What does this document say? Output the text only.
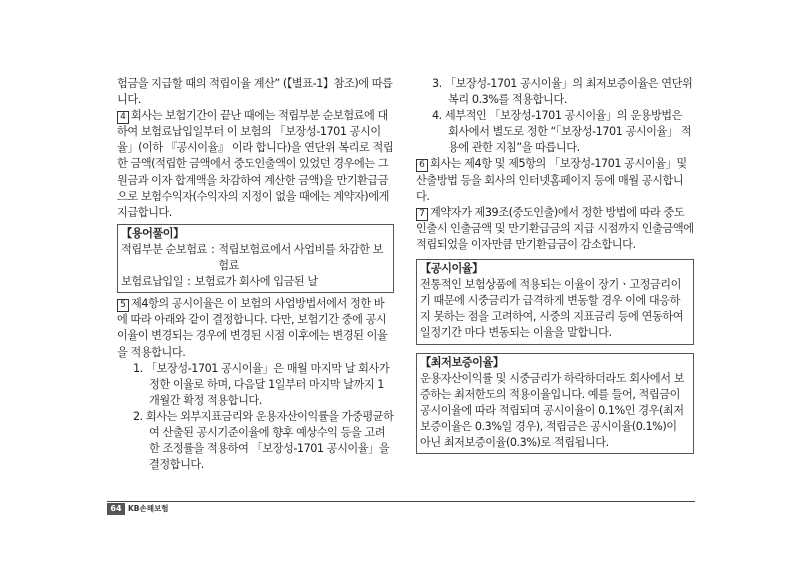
험금을 지급할 때의 적립이율 계산” (【별표-1】참조)에 따릅니다.

4 회사는 보험기간이 끝난 때에는 적립부분 순보험료에 대하여 보험료납입일부터 이 보험의 「보장성-1701 공시이율」(이하 『공시이율』 이라 합니다)을 연단위 복리로 적립한 금액(적립한 금액에서 중도인출액이 있었던 경우에는 그 원금과 이자 합계액을 차감하여 계산한 금액)을 만기환급금으로 보험수익자(수익자의 지정이 없을 때에는 계약자)에게 지급합니다.

【용어풀이】
적립부분 순보험료 : 적립보험료에서 사업비를 차감한 보험료
보험료납입일 : 보험료가 회사에 입금된 날

5 제4항의 공시이율은 이 보험의 사업방법서에서 정한 바에 따라 아래와 같이 결정합니다. 다만, 보험기간 중에 공시이율이 변경되는 경우에 변경된 시점 이후에는 변경된 이율을 적용합니다.

1. 「보장성-1701 공시이율」은 매월 마지막 날 회사가 정한 이율로 하며, 다음달 1일부터 마지막 날까지 1개월간 확정 적용합니다.

2. 회사는 외부지표금리와 운용자산이익률을 가중평균하여 산출된 공시기준이율에 향후 예상수익 등을 고려한 조정률을 적용하여 「보장성-1701 공시이율」을 결정합니다.

3. 「보장성-1701 공시이율」의 최저보증이율은 연단위 복리 0.3%를 적용합니다.

4. 세부적인 「보장성-1701 공시이율」의 운용방법은 회사에서 별도로 정한 “「보장성-1701 공시이율」 적용에 관한 지침”을 따릅니다.

6 회사는 제4항 및 제5항의 「보장성-1701 공시이율」및 산출방법 등을 회사의 인터넷홈페이지 등에 매월 공시합니다.

7 계약자가 제39조(중도인출)에서 정한 방법에 따라 중도인출시 인출금액 및 만기환급금의 지급 시점까지 인출금액에 적립되었을 이자만큼 만기환급금이 감소합니다.

【공시이율】
전통적인 보험상품에 적용되는 이율이 장기ㆍ고정금리이기 때문에 시중금리가 급격하게 변동할 경우 이에 대응하지 못하는 점을 고려하여, 시중의 지표금리 등에 연동하여 일정기간 마다 변동되는 이율을 말합니다.
【최저보증이율】
운용자산이익률 및 시중금리가 하락하더라도 회사에서 보증하는 최저한도의 적용이율입니다. 예를 들어, 적립금이 공시이율에 따라 적립되며 공시이율이 0.1%인 경우(최저보증이율은 0.3%일 경우), 적립금은 공시이율(0.1%)이 아닌 최저보증이율(0.3%)로 적립됩니다.
64 KB손해보험
